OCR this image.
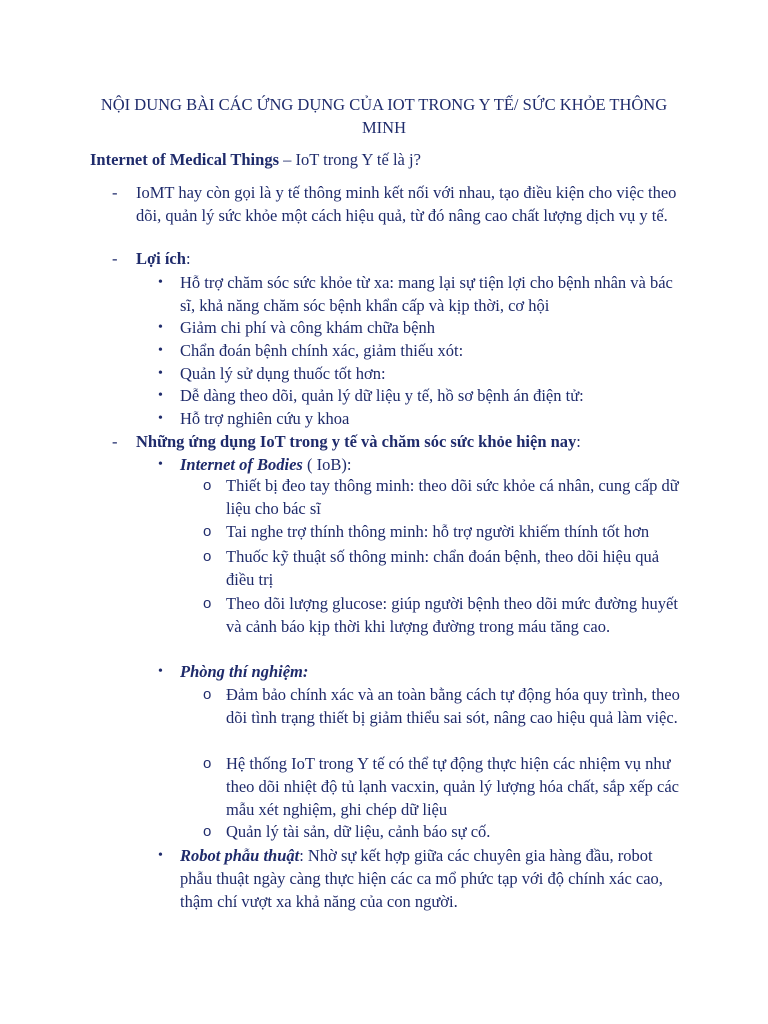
NỘI DUNG BÀI CÁC ỨNG DỤNG CỦA IOT TRONG Y TẾ/ SỨC KHỎE THÔNG MINH
Internet of Medical Things – IoT trong Y tế là j?
- IoMT hay còn gọi là y tế thông minh kết nối với nhau, tạo điều kiện cho việc theo dõi, quản lý sức khỏe một cách hiệu quả, từ đó nâng cao chất lượng dịch vụ y tế.
- Lợi ích:
• Hỗ trợ chăm sóc sức khỏe từ xa: mang lại sự tiện lợi cho bệnh nhân và bác sĩ, khả năng chăm sóc bệnh khẩn cấp và kịp thời, cơ hội
• Giảm chi phí và công khám chữa bệnh
• Chẩn đoán bệnh chính xác, giảm thiếu xót:
• Quản lý sử dụng thuốc tốt hơn:
• Dễ dàng theo dõi, quản lý dữ liệu y tế, hồ sơ bệnh án điện tử:
• Hỗ trợ nghiên cứu y khoa
- Những ứng dụng IoT trong y tế và chăm sóc sức khỏe hiện nay:
• Internet of Bodies ( IoB):
o Thiết bị đeo tay thông minh: theo dõi sức khỏe cá nhân, cung cấp dữ liệu cho bác sĩ
o Tai nghe trợ thính thông minh: hỗ trợ người khiếm thính tốt hơn
o Thuốc kỹ thuật số thông minh: chẩn đoán bệnh, theo dõi hiệu quả điều trị
o Theo dõi lượng glucose: giúp người bệnh theo dõi mức đường huyết và cảnh báo kịp thời khi lượng đường trong máu tăng cao.
• Phòng thí nghiệm:
o Đảm bảo chính xác và an toàn bằng cách tự động hóa quy trình, theo dõi tình trạng thiết bị giảm thiểu sai sót, nâng cao hiệu quả làm việc.
o Hệ thống IoT trong Y tế có thể tự động thực hiện các nhiệm vụ như theo dõi nhiệt độ tủ lạnh vacxin, quản lý lượng hóa chất, sắp xếp các mẫu xét nghiệm, ghi chép dữ liệu
o Quản lý tài sản, dữ liệu, cảnh báo sự cố.
• Robot phẫu thuật: Nhờ sự kết hợp giữa các chuyên gia hàng đầu, robot phẫu thuật ngày càng thực hiện các ca mổ phức tạp với độ chính xác cao, thậm chí vượt xa khả năng của con người.
